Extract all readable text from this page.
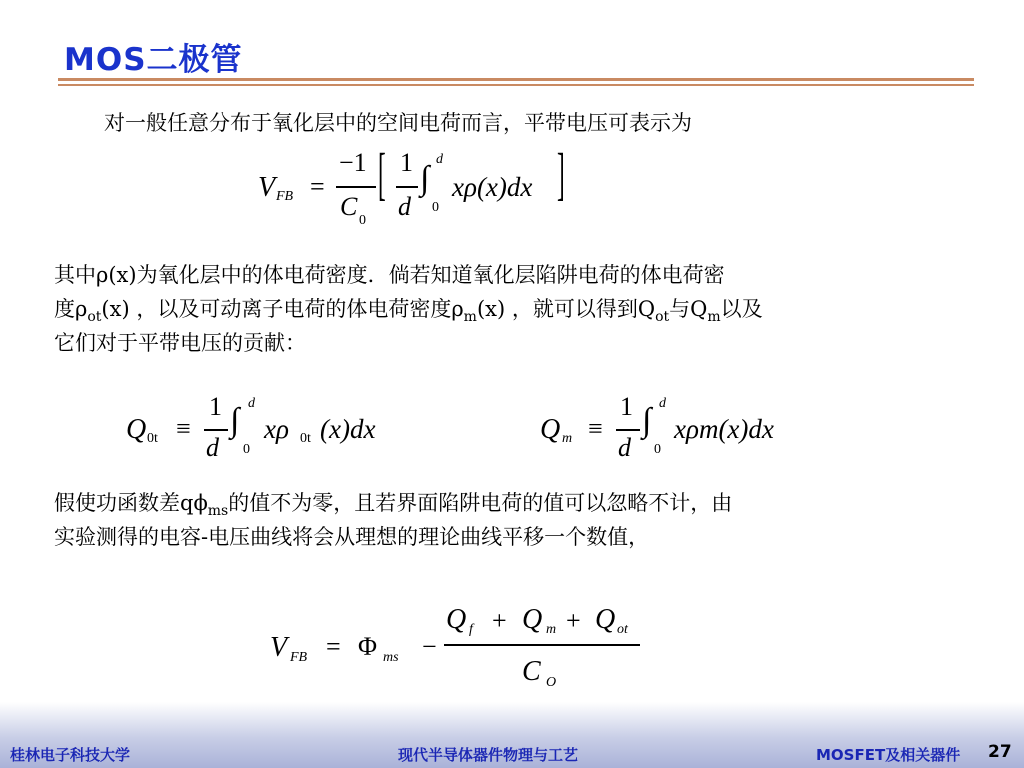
MOS二极管
对一般任意分布于氧化层中的空间电荷而言，平带电压可表示为
V FB =
−1
C 0
[ 1
d
∫
d
0
xρ(x)dx ]
其中ρ(x)为氧化层中的体电荷密度．倘若知道氧化层陷阱电荷的体电荷密
度$\rho_{ot}(x)$ ，以及可动离子电荷的体电荷密度$\rho_m(x)$ ，就可以得到$Q_{ot}$与$Q_m$以及
它们对于平带电压的贡献：
Q 0t ≡
1
d
∫ d
0
xρ 0t (x)dx	Q m ≡
1
d
∫ d
0
xρm(x)dx
假使功函数差$q\phi_{ms}$的值不为零，且若界面陷阱电荷的值可以忽略不计，由
实验测得的电容-电压曲线将会从理想的理论曲线平移一个数值，
V FB = Φ ms −
Q f + Q m + Q ot
C O
桂林电子科技大学	现代半导体器件物理与工艺	MOSFET及相关器件 27
